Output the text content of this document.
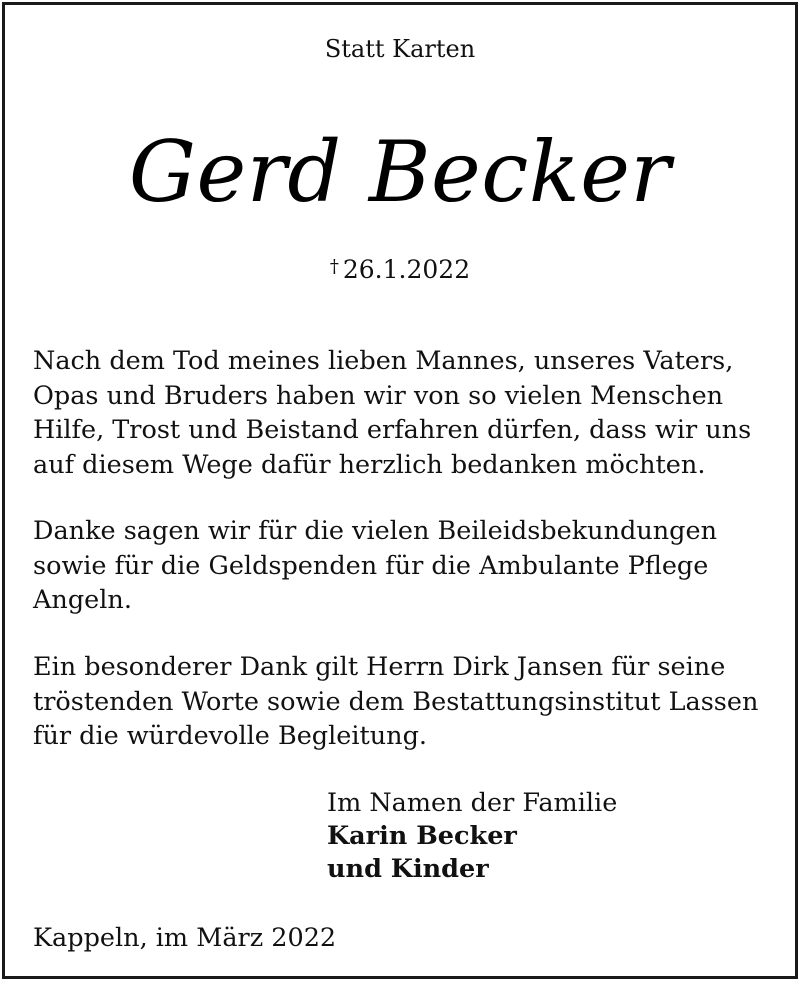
Statt Karten
Gerd Becker
† 26.1.2022
Nach dem Tod meines lieben Mannes, unseres Vaters,
Opas und Bruders haben wir von so vielen Menschen
Hilfe, Trost und Beistand erfahren dürfen, dass wir uns
auf diesem Wege dafür herzlich bedanken möchten.
Danke sagen wir für die vielen Beileidsbekundungen
sowie für die Geldspenden für die Ambulante Pflege
Angeln.
Ein besonderer Dank gilt Herrn Dirk Jansen für seine
tröstenden Worte sowie dem Bestattungsinstitut Lassen
für die würdevolle Begleitung.
Im Namen der Familie
Karin Becker
und Kinder
Kappeln, im März 2022
